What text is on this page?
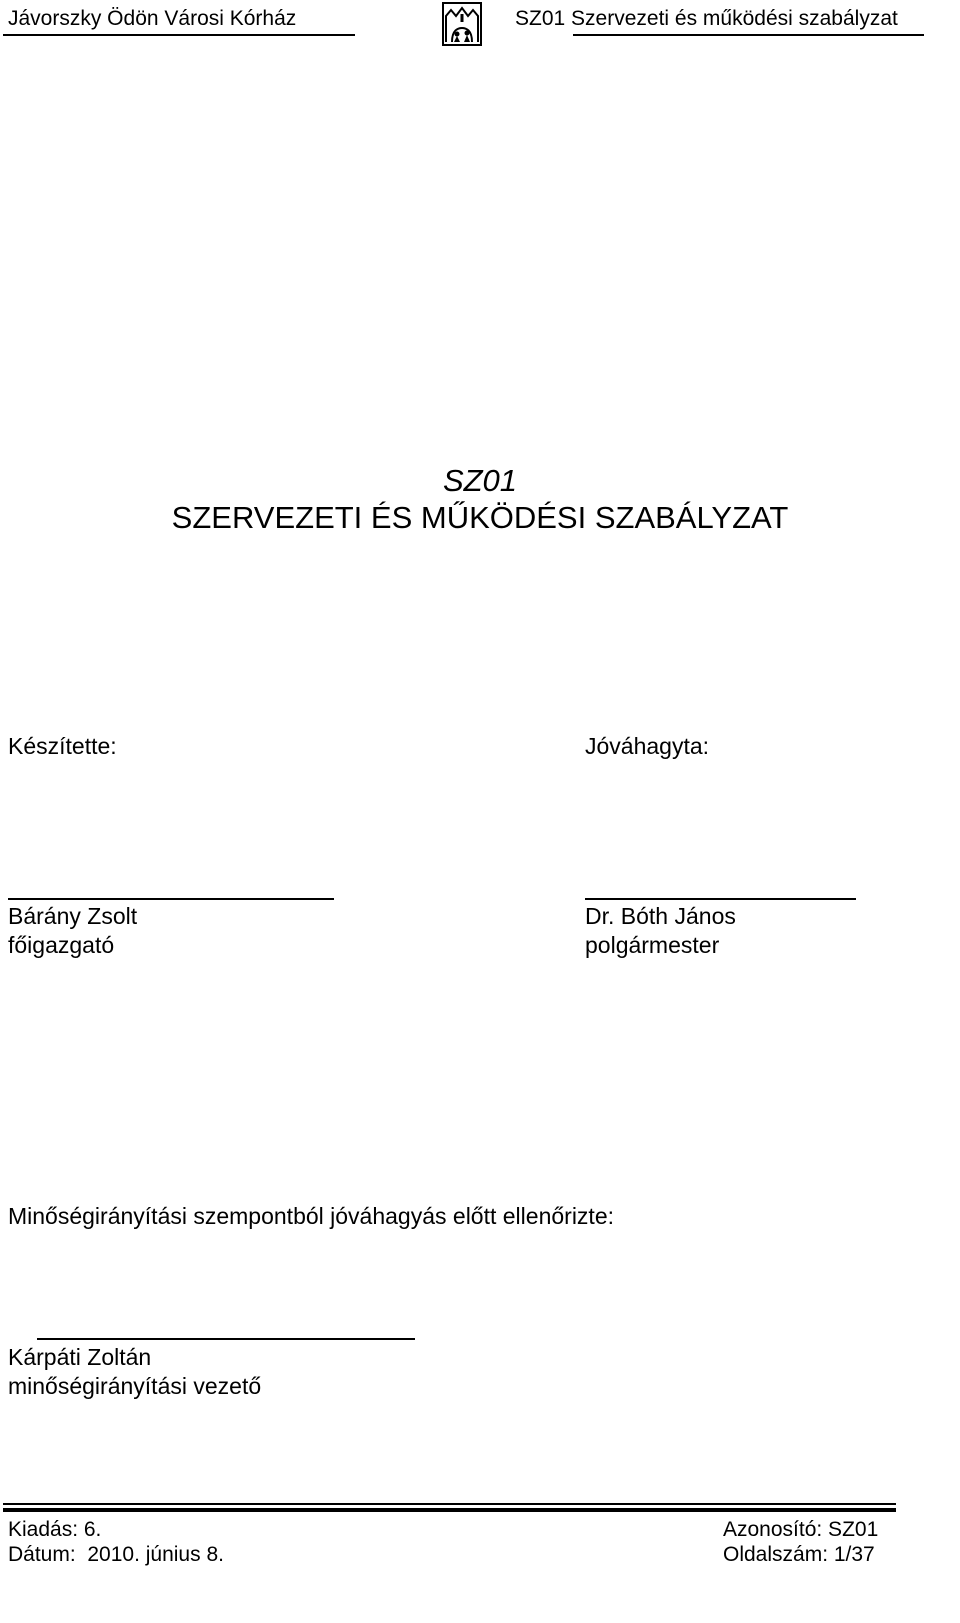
Jávorszky Ödön Városi Kórház	SZ01 Szervezeti és működési szabályzat
SZ01
SZERVEZETI ÉS MŰKÖDÉSI SZABÁLYZAT
Készítette:	Jóváhagyta:
Bárány Zsolt
főigazgató
Dr. Bóth János
polgármester
Minőségirányítási szempontból jóváhagyás előtt ellenőrizte:
Kárpáti Zoltán
minőségirányítási vezető
Kiadás: 6.
Dátum:  2010. június 8.
Azonosító: SZ01
Oldalszám: 1/37
